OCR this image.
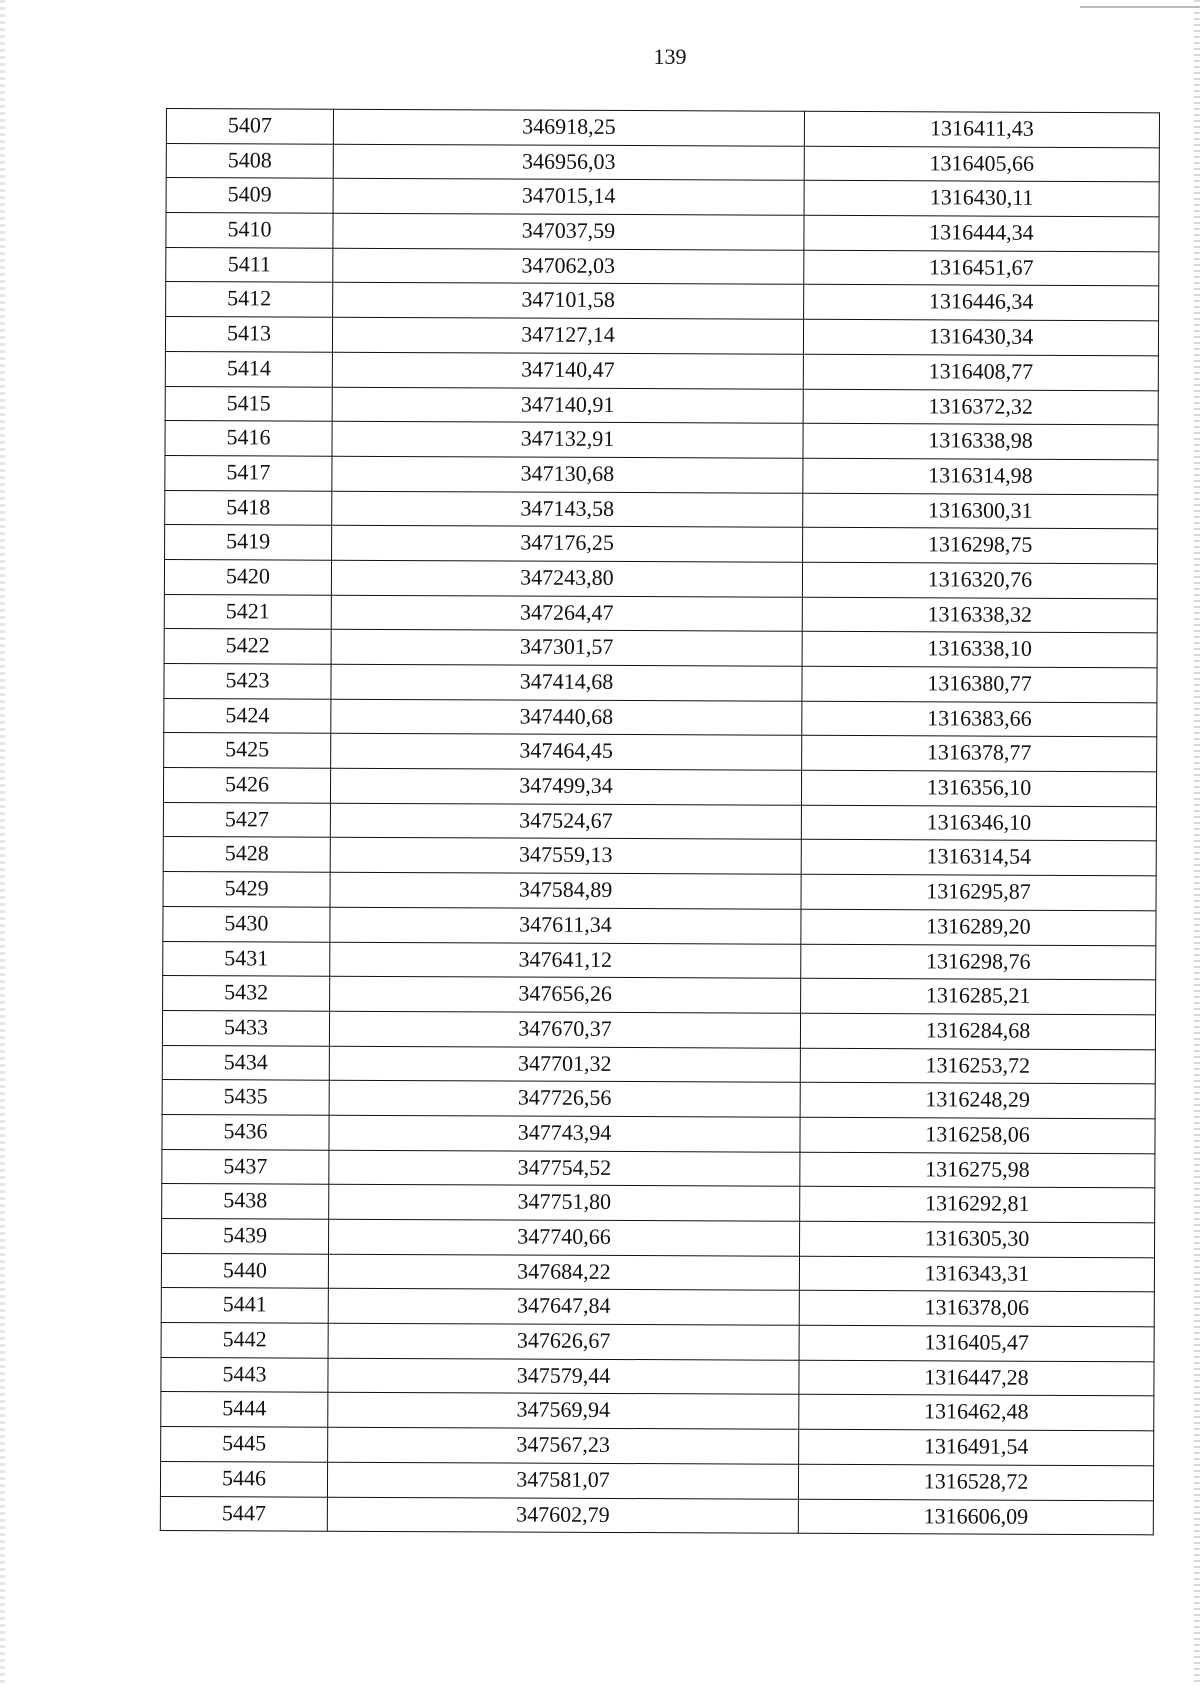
139
5407	346918,25	1316411,43
5408	346956,03	1316405,66
5409	347015,14	1316430,11
5410	347037,59	1316444,34
5411	347062,03	1316451,67
5412	347101,58	1316446,34
5413	347127,14	1316430,34
5414	347140,47	1316408,77
5415	347140,91	1316372,32
5416	347132,91	1316338,98
5417	347130,68	1316314,98
5418	347143,58	1316300,31
5419	347176,25	1316298,75
5420	347243,80	1316320,76
5421	347264,47	1316338,32
5422	347301,57	1316338,10
5423	347414,68	1316380,77
5424	347440,68	1316383,66
5425	347464,45	1316378,77
5426	347499,34	1316356,10
5427	347524,67	1316346,10
5428	347559,13	1316314,54
5429	347584,89	1316295,87
5430	347611,34	1316289,20
5431	347641,12	1316298,76
5432	347656,26	1316285,21
5433	347670,37	1316284,68
5434	347701,32	1316253,72
5435	347726,56	1316248,29
5436	347743,94	1316258,06
5437	347754,52	1316275,98
5438	347751,80	1316292,81
5439	347740,66	1316305,30
5440	347684,22	1316343,31
5441	347647,84	1316378,06
5442	347626,67	1316405,47
5443	347579,44	1316447,28
5444	347569,94	1316462,48
5445	347567,23	1316491,54
5446	347581,07	1316528,72
5447	347602,79	1316606,09
